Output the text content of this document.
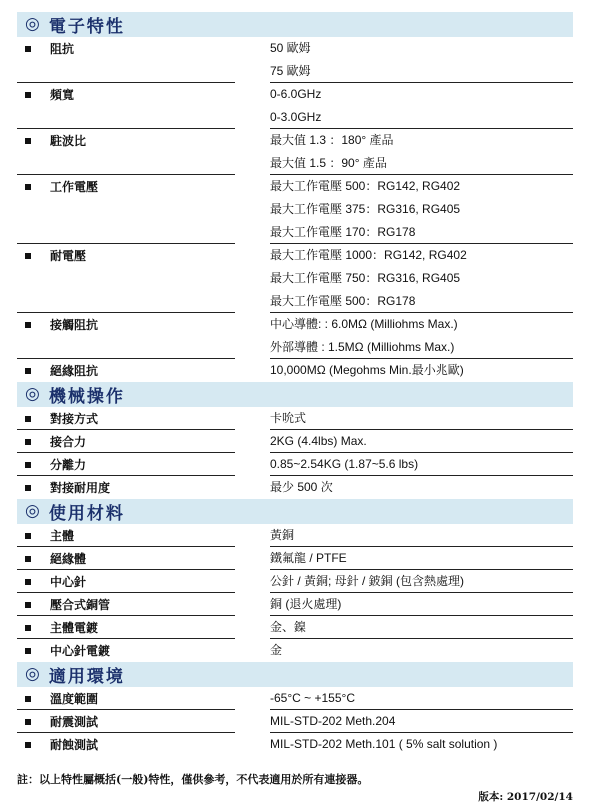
◎ 電子特性
阻抗	50 歐姆
75 歐姆
頻寬	0-6.0GHz
0-3.0GHz
駐波比	最大值 1.3 ：180° 產品
最大值 1.5 ：90° 產品
工作電壓	最大工作電壓 500：RG142, RG402
最大工作電壓 375：RG316, RG405
最大工作電壓 170：RG178
耐電壓	最大工作電壓 1000：RG142, RG402
最大工作電壓 750：RG316, RG405
最大工作電壓 500：RG178
接觸阻抗	中心導體: : 6.0MΩ (Milliohms Max.)
外部導體 : 1.5MΩ (Milliohms Max.)
絕緣阻抗	10,000MΩ (Megohms Min.最小兆歐)
◎ 機械操作
對接方式	卡吮式
接合力	2KG (4.4lbs) Max.
分離力	0.85~2.54KG (1.87~5.6 lbs)
對接耐用度	最少 500 次
◎ 使用材料
主體	黃銅
絕緣體	鐵氟龍 / PTFE
中心針	公針 / 黃銅; 母針 / 鈹銅 (包含熱處理)
壓合式銅管	銅 (退火處理)
主體電鍍	金、鎳
中心針電鍍	金
◎ 適用環境
溫度範圍	-65°C ~ +155°C
耐震測試	MIL-STD-202 Meth.204
耐蝕測試	MIL-STD-202 Meth.101 ( 5% salt solution )
註：以上特性屬概括(一般)特性，僅供參考，不代表適用於所有連接器。
版本: 2017/02/14
